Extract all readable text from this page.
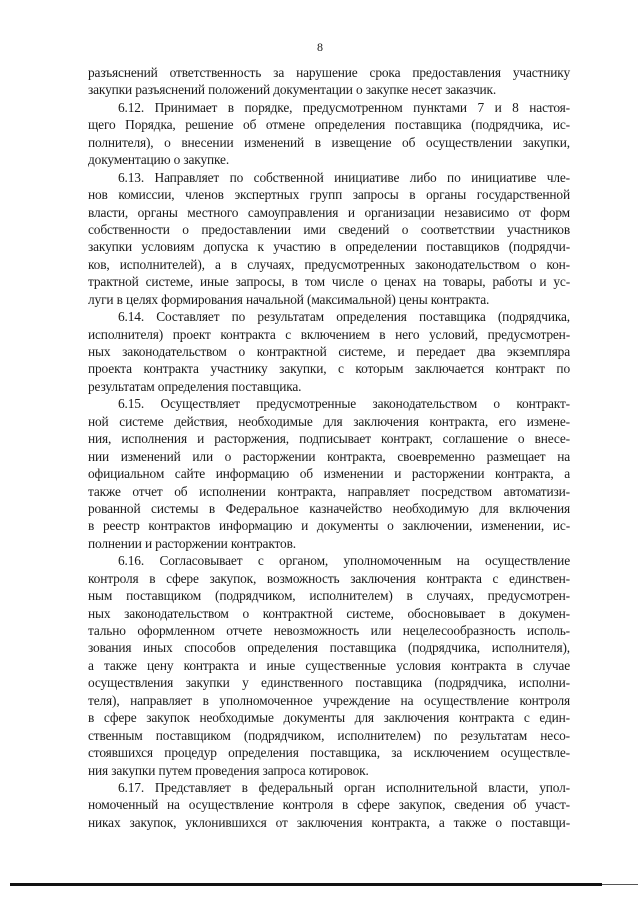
8
разъяснений ответственность за нарушение срока предоставления участнику
закупки разъяснений положений документации о закупке несет заказчик.
6.12. Принимает в порядке, предусмотренном пунктами 7 и 8 настоя-
щего Порядка, решение об отмене определения поставщика (подрядчика, ис-
полнителя), о внесении изменений в извещение об осуществлении закупки,
документацию о закупке.
6.13. Направляет по собственной инициативе либо по инициативе чле-
нов комиссии, членов экспертных групп запросы в органы государственной
власти, органы местного самоуправления и организации независимо от форм
собственности о предоставлении ими сведений о соответствии участников
закупки условиям допуска к участию в определении поставщиков (подрядчи-
ков, исполнителей), а в случаях, предусмотренных законодательством о кон-
трактной системе, иные запросы, в том числе о ценах на товары, работы и ус-
луги в целях формирования начальной (максимальной) цены контракта.
6.14. Составляет по результатам определения поставщика (подрядчика,
исполнителя) проект контракта с включением в него условий, предусмотрен-
ных законодательством о контрактной системе, и передает два экземпляра
проекта контракта участнику закупки, с которым заключается контракт по
результатам определения поставщика.
6.15. Осуществляет предусмотренные законодательством о контракт-
ной системе действия, необходимые для заключения контракта, его измене-
ния, исполнения и расторжения, подписывает контракт, соглашение о внесе-
нии изменений или о расторжении контракта, своевременно размещает на
официальном сайте информацию об изменении и расторжении контракта, а
также отчет об исполнении контракта, направляет посредством автоматизи-
рованной системы в Федеральное казначейство необходимую для включения
в реестр контрактов информацию и документы о заключении, изменении, ис-
полнении и расторжении контрактов.
6.16. Согласовывает с органом, уполномоченным на осуществление
контроля в сфере закупок, возможность заключения контракта с единствен-
ным поставщиком (подрядчиком, исполнителем) в случаях, предусмотрен-
ных законодательством о контрактной системе, обосновывает в докумен-
тально оформленном отчете невозможность или нецелесообразность исполь-
зования иных способов определения поставщика (подрядчика, исполнителя),
а также цену контракта и иные существенные условия контракта в случае
осуществления закупки у единственного поставщика (подрядчика, исполни-
теля), направляет в уполномоченное учреждение на осуществление контроля
в сфере закупок необходимые документы для заключения контракта с един-
ственным поставщиком (подрядчиком, исполнителем) по результатам несо-
стоявшихся процедур определения поставщика, за исключением осуществле-
ния закупки путем проведения запроса котировок.
6.17. Представляет в федеральный орган исполнительной власти, упол-
номоченный на осуществление контроля в сфере закупок, сведения об участ-
никах закупок, уклонившихся от заключения контракта, а также о поставщи-
